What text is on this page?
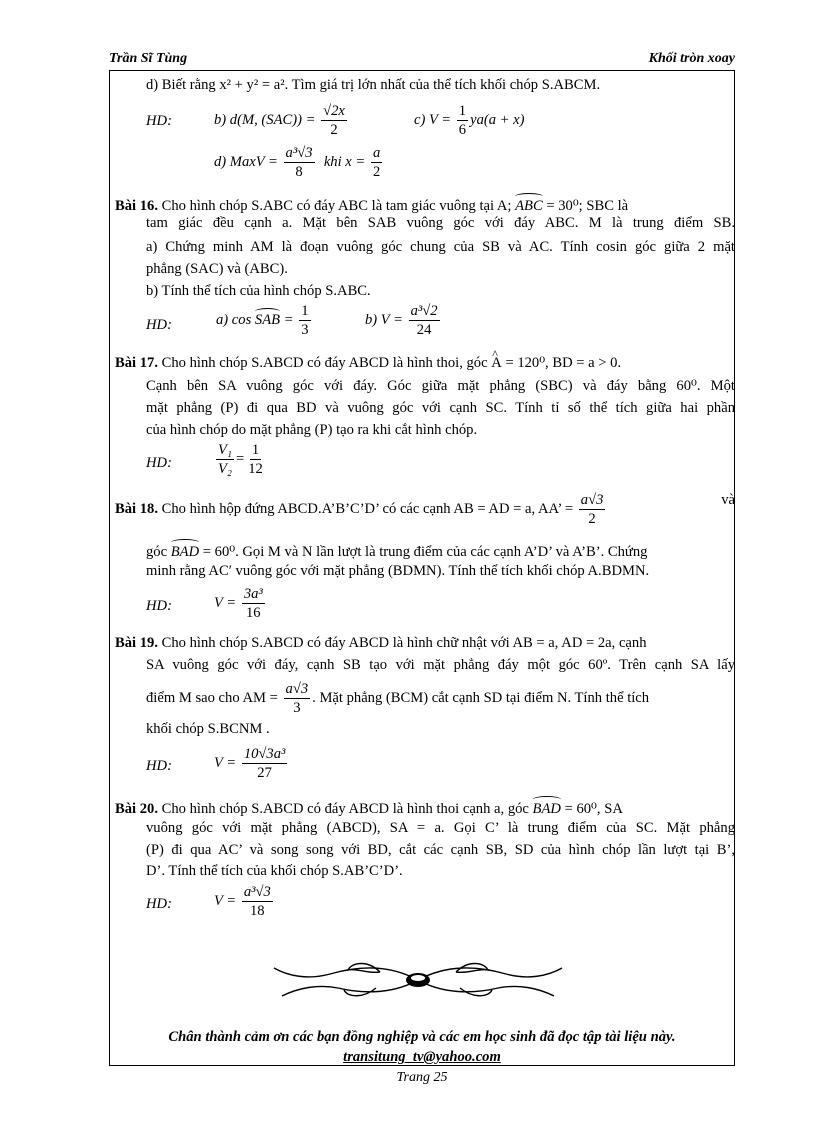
Trần Sĩ Tùng	Khối tròn xoay
d) Biết rằng x² + y² = a². Tìm giá trị lớn nhất của thể tích khối chóp S.ABCM.
HD:	b) d(M, $(SAC)) = \frac{√2x}{2}$	c) $V = \frac{1}{6} ya(a + x)$
d) MaxV = $\frac{\text{a³√3}}{8}$ khi $x = \frac{a}{2}$
Bài 16. Cho hình chóp S.ABC có đáy ABC là tam giác vuông tại A; ABC = 30⁰; SBC là
tam giác đều cạnh a. Mặt bên SAB vuông góc với đáy ABC. M là trung điểm SB.
a) Chứng minh AM là đoạn vuông góc chung của SB và AC. Tính cosin góc giữa 2 mặt
phẳng (SAC) và (ABC).
b) Tính thể tích của hình chóp S.ABC.
HD:	a) cos SAB = $\frac{1}{3}$	b) $V = \frac{\text{a³√2}}{24}$
Bài 17. Cho hình chóp S.ABCD có đáy ABCD là hình thoi, góc ^ A = 120⁰, BD = a > 0.
Cạnh bên SA vuông góc với đáy. Góc giữa mặt phẳng (SBC) và đáy bằng 60⁰. Một
mặt phẳng (P) đi qua BD và vuông góc với cạnh SC. Tính tỉ số thể tích giữa hai phần
của hình chóp do mặt phẳng (P) tạo ra khi cắt hình chóp.
HD:	$\frac{\text{V₁}}{\text{V₂}} = \frac{1}{12}$
Bài 18. Cho hình hộp đứng ABCD.A’B’C’D’ có các cạnh AB = AD = a, AA’ = $\frac{a√3}{2}$	và
góc BAD = 60⁰. Gọi M và N lần lượt là trung điểm của các cạnh A’D’ và A’B’. Chứng
minh rằng AC′ vuông góc với mặt phẳng (BDMN). Tính thể tích khối chóp A.BDMN.
HD:	$V = \frac{\text{3a³}}{16}$
Bài 19. Cho hình chóp S.ABCD có đáy ABCD là hình chữ nhật với AB = a, AD = 2a, cạnh
SA vuông góc với đáy, cạnh SB tạo với mặt phẳng đáy một góc 60º. Trên cạnh SA lấy
điểm M sao cho AM = $\frac{a√3}{3}$ . Mặt phẳng (BCM) cắt cạnh SD tại điểm N. Tính thể tích
khối chóp S.BCNM .
HD:	$V = \frac{\text{10√3a³}}{27}$
Bài 20. Cho hình chóp S.ABCD có đáy ABCD là hình thoi cạnh a, góc BAD = 60⁰, SA
vuông góc với mặt phẳng (ABCD), SA = a. Gọi C’ là trung điểm của SC. Mặt phẳng
(P) đi qua AC’ và song song với BD, cắt các cạnh SB, SD của hình chóp lần lượt tại B’,
D’. Tính thể tích của khối chóp S.AB’C’D’.
HD:	$V = \frac{\text{a³√3}}{18}$
Chân thành cảm ơn các bạn đồng nghiệp và các em học sinh đã đọc tập tài liệu này.
transitung_tv@yahoo.com
Trang 25
